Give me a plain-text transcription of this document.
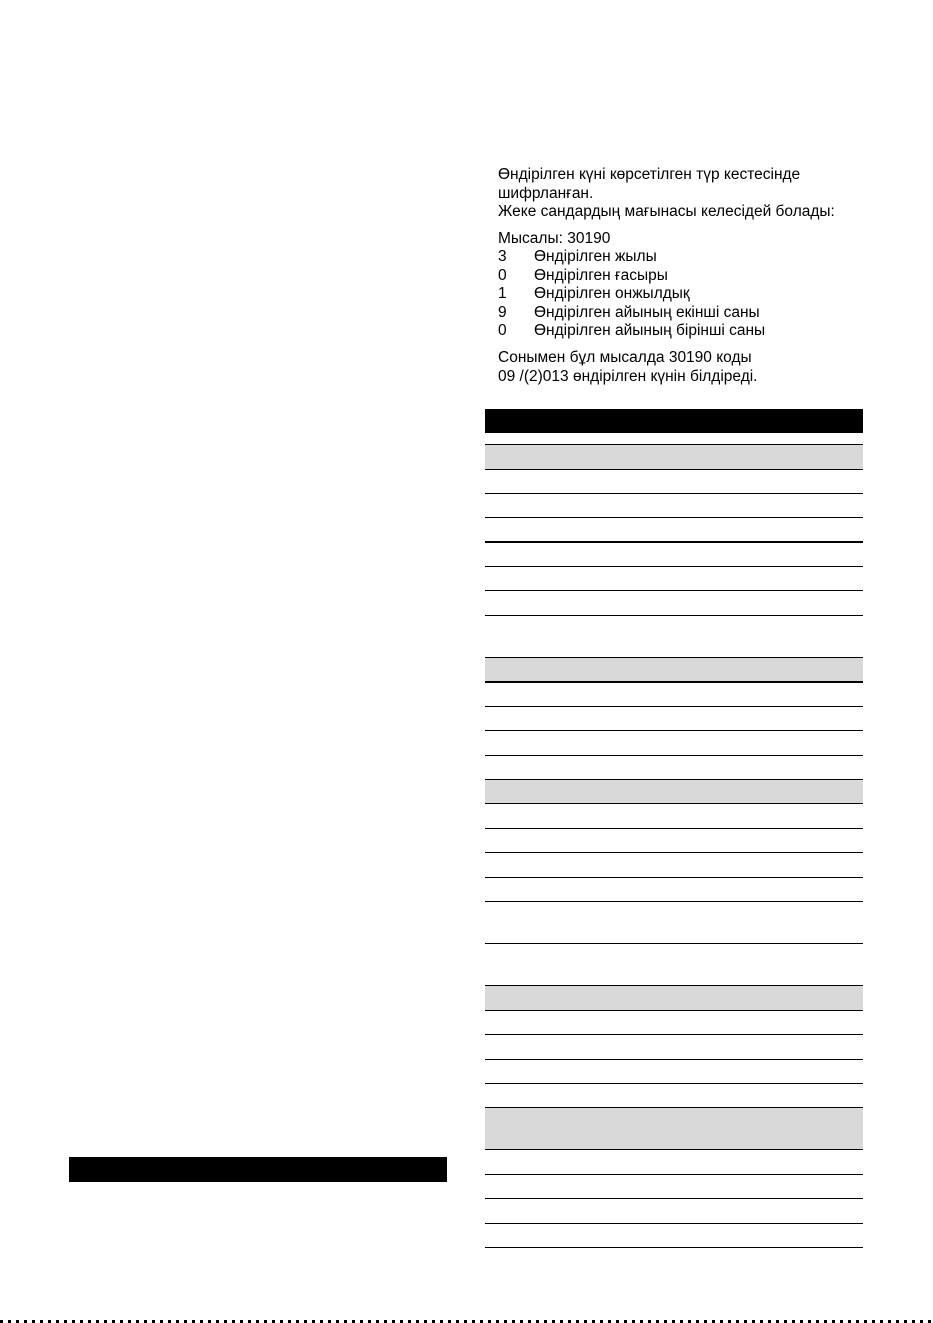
Өндірілген күні көрсетілген түр кестесінде

шифрланған.

Жеке сандардың мағынасы келесідей болады:

Мысалы: 30190
3	Өндірілген жылы
0	Өндірілген ғасыры
1	Өндірілген онжылдық
9	Өндірілген айының екінші саны
0	Өндірілген айының бірінші саны

Сонымен бұл мысалда 30190 коды

09 /(2)013 өндірілген күнін білдіреді.
